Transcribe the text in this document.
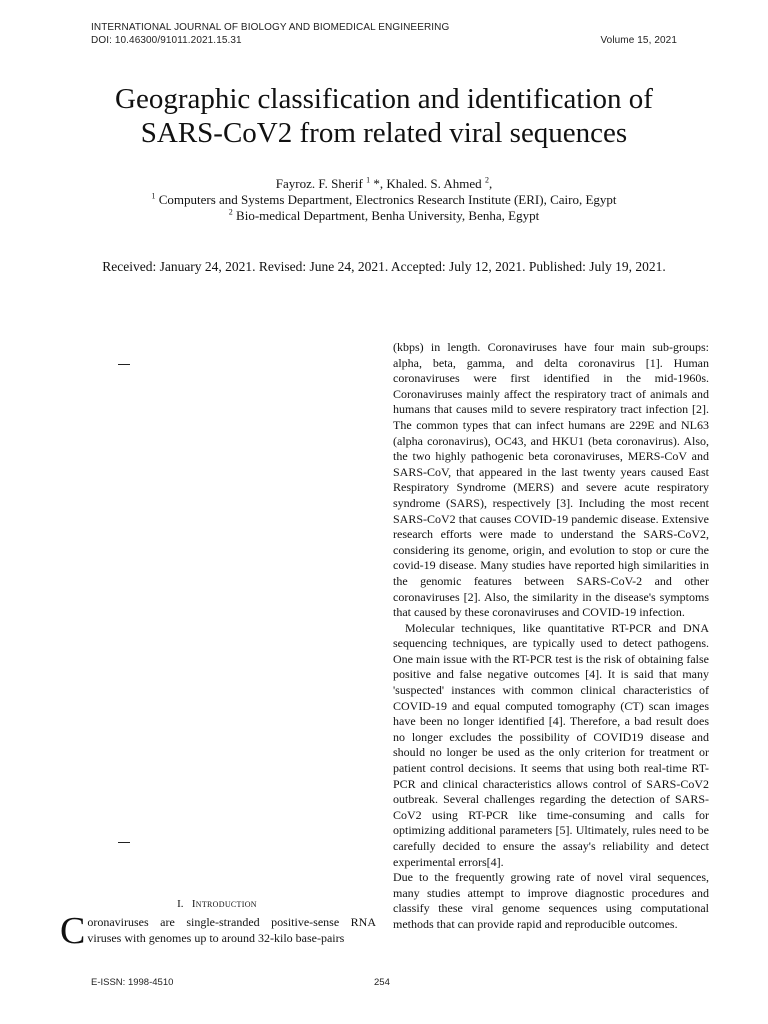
INTERNATIONAL JOURNAL OF BIOLOGY AND BIOMEDICAL ENGINEERING
DOI: 10.46300/91011.2021.15.31	Volume 15, 2021
Geographic classification and identification of
SARS-CoV2 from related viral sequences
Fayroz. F. Sherif $^1$ *, Khaled. S. Ahmed $^2$,
$^1$ Computers and Systems Department, Electronics Research Institute (ERI), Cairo, Egypt
$^2$ Bio-medical Department, Benha University, Benha, Egypt
Received: January 24, 2021. Revised: June 24, 2021. Accepted: July 12, 2021. Published: July 19, 2021.
I. Introduction
Coronaviruses are single-stranded positive-sense RNA viruses with genomes up to around 32-kilo base-pairs

(kbps) in length. Coronaviruses have four main sub-groups: alpha, beta, gamma, and delta coronavirus [1]. Human coronaviruses were first identified in the mid-1960s. Coronaviruses mainly affect the respiratory tract of animals and humans that causes mild to severe respiratory tract infection [2]. The common types that can infect humans are 229E and NL63 (alpha coronavirus), OC43, and HKU1 (beta coronavirus). Also, the two highly pathogenic beta coronaviruses, MERS-CoV and SARS-CoV, that appeared in the last twenty years caused East Respiratory Syndrome (MERS) and severe acute respiratory syndrome (SARS), respectively [3]. Including the most recent SARS-CoV2 that causes COVID-19 pandemic disease. Extensive research efforts were made to understand the SARS-CoV2, considering its genome, origin, and evolution to stop or cure the covid-19 disease. Many studies have reported high similarities in the genomic features between SARS-CoV-2 and other coronaviruses [2]. Also, the similarity in the disease's symptoms that caused by these coronaviruses and COVID-19 infection.

Molecular techniques, like quantitative RT-PCR and DNA sequencing techniques, are typically used to detect pathogens. One main issue with the RT-PCR test is the risk of obtaining false positive and false negative outcomes [4]. It is said that many 'suspected' instances with common clinical characteristics of COVID-19 and equal computed tomography (CT) scan images have been no longer identified [4]. Therefore, a bad result does no longer excludes the possibility of COVID19 disease and should no longer be used as the only criterion for treatment or patient control decisions. It seems that using both real-time RT-PCR and clinical characteristics allows control of SARS-CoV2 outbreak. Several challenges regarding the detection of SARS-CoV2 using RT-PCR like time-consuming and calls for optimizing additional parameters [5]. Ultimately, rules need to be carefully decided to ensure the assay's reliability and detect experimental errors[4].

Due to the frequently growing rate of novel viral sequences, many studies attempt to improve diagnostic procedures and classify these viral genome sequences using computational methods that can provide rapid and reproducible outcomes.

E-ISSN: 1998-4510	254
